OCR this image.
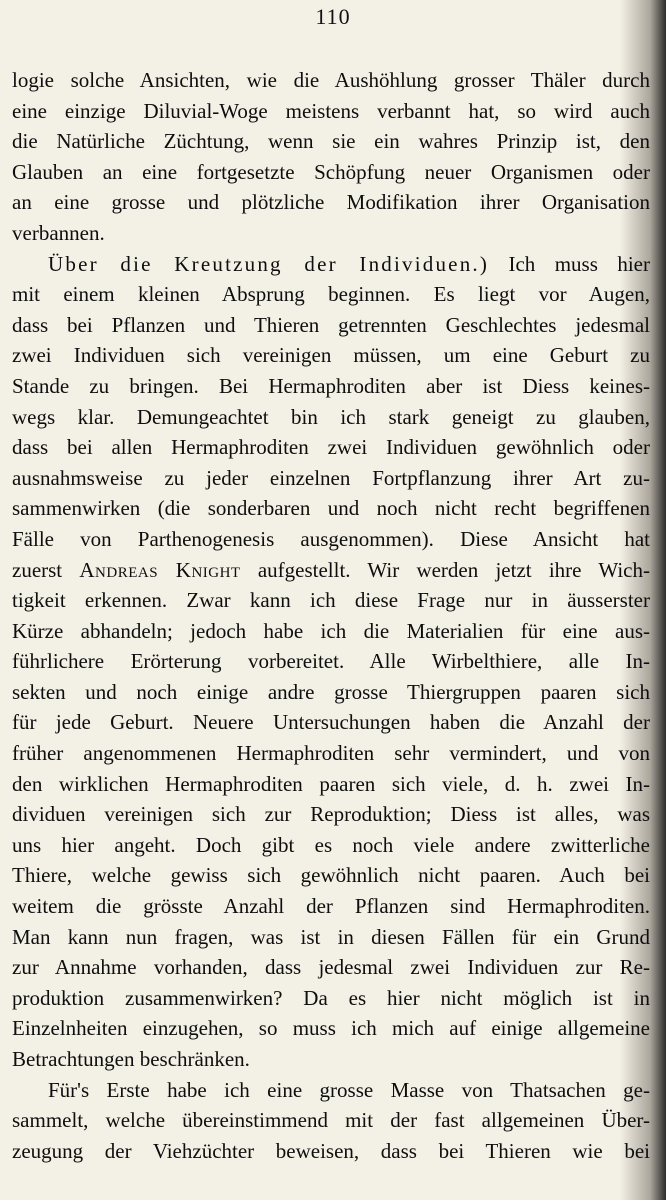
110
logie solche Ansichten, wie die Aushöhlung grosser Thäler durch
eine einzige Diluvial-Woge meistens verbannt hat, so wird auch
die Natürliche Züchtung, wenn sie ein wahres Prinzip ist, den
Glauben an eine fortgesetzte Schöpfung neuer Organismen oder
an eine grosse und plötzliche Modifikation ihrer Organisation
verbannen.
Über die Kreutzung der Individuen.) Ich muss hier
mit einem kleinen Absprung beginnen. Es liegt vor Augen,
dass bei Pflanzen und Thieren getrennten Geschlechtes jedesmal
zwei Individuen sich vereinigen müssen, um eine Geburt zu
Stande zu bringen. Bei Hermaphroditen aber ist Diess keines-
wegs klar. Demungeachtet bin ich stark geneigt zu glauben,
dass bei allen Hermaphroditen zwei Individuen gewöhnlich oder
ausnahmsweise zu jeder einzelnen Fortpflanzung ihrer Art zu-
sammenwirken (die sonderbaren und noch nicht recht begriffenen
Fälle von Parthenogenesis ausgenommen). Diese Ansicht hat
zuerst Andreas Knight aufgestellt. Wir werden jetzt ihre Wich-
tigkeit erkennen. Zwar kann ich diese Frage nur in äusserster
Kürze abhandeln; jedoch habe ich die Materialien für eine aus-
führlichere Erörterung vorbereitet. Alle Wirbelthiere, alle In-
sekten und noch einige andre grosse Thiergruppen paaren sich
für jede Geburt. Neuere Untersuchungen haben die Anzahl der
früher angenommenen Hermaphroditen sehr vermindert, und von
den wirklichen Hermaphroditen paaren sich viele, d. h. zwei In-
dividuen vereinigen sich zur Reproduktion; Diess ist alles, was
uns hier angeht. Doch gibt es noch viele andere zwitterliche
Thiere, welche gewiss sich gewöhnlich nicht paaren. Auch bei
weitem die grösste Anzahl der Pflanzen sind Hermaphroditen.
Man kann nun fragen, was ist in diesen Fällen für ein Grund
zur Annahme vorhanden, dass jedesmal zwei Individuen zur Re-
produktion zusammenwirken? Da es hier nicht möglich ist in
Einzelnheiten einzugehen, so muss ich mich auf einige allgemeine
Betrachtungen beschränken.
Für's Erste habe ich eine grosse Masse von Thatsachen ge-
sammelt, welche übereinstimmend mit der fast allgemeinen Über-
zeugung der Viehzüchter beweisen, dass bei Thieren wie bei
